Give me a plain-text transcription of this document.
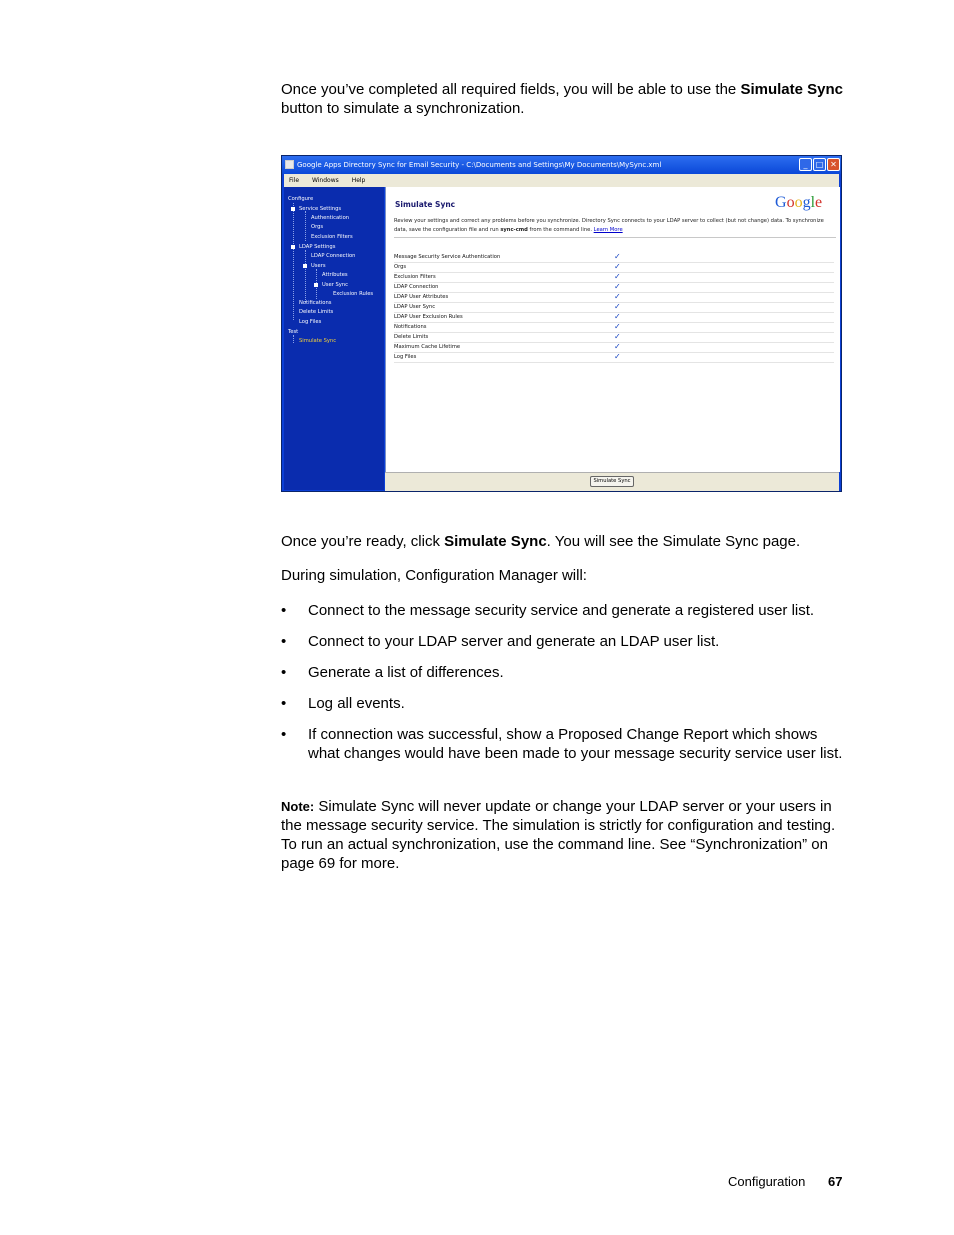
Once you’ve completed all required fields, you will be able to use the Simulate Sync button to simulate a synchronization.

Google Apps Directory Sync for Email Security - C:\Documents and Settings\My Documents\MySync.xml	_	□ ✕
File Windows Help
Configure
Service Settings
Authentication
Orgs
Exclusion Filters
LDAP Settings
LDAP Connection
Users
Attributes
User Sync
Exclusion Rules
Notifications
Delete Limits
Log Files
Test
Simulate Sync
Simulate Sync	Google
Review your settings and correct any problems before you synchronize. Directory Sync connects to your LDAP server to collect (but not change) data. To synchronize data, save the configuration file and run sync-cmd from the command line. Learn More
Message Security Service Authentication	✓
Orgs	✓
Exclusion Filters	✓
LDAP Connection	✓
LDAP User Attributes	✓
LDAP User Sync	✓
LDAP User Exclusion Rules	✓
Notifications	✓
Delete Limits	✓
Maximum Cache Lifetime	✓
Log Files	✓
Simulate Sync

Once you’re ready, click Simulate Sync. You will see the Simulate Sync page.

During simulation, Configuration Manager will:

• Connect to the message security service and generate a registered user list.
• Connect to your LDAP server and generate an LDAP user list.
• Generate a list of differences.
• Log all events.
• If connection was successful, show a Proposed Change Report which shows what changes would have been made to your message security service user list.

Note: Simulate Sync will never update or change your LDAP server or your users in the message security service. The simulation is strictly for configuration and testing. To run an actual synchronization, use the command line. See “Synchronization” on page 69 for more.

Configuration 67
